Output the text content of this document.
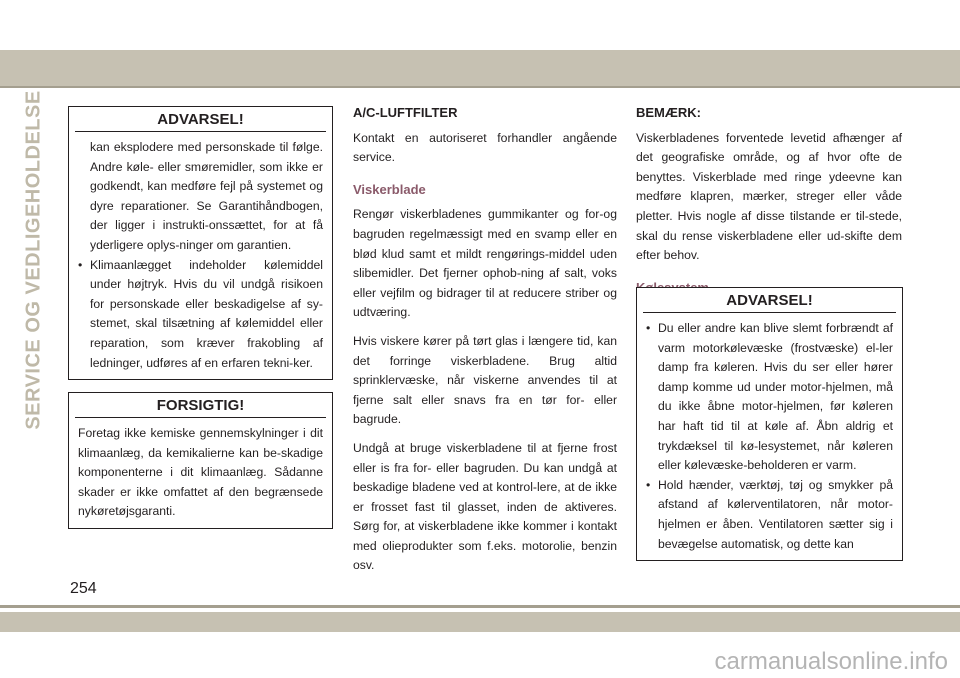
SERVICE OG VEDLIGEHOLDELSE	ADVARSEL!
kan eksplodere med personskade til følge. Andre køle- eller smøremidler, som ikke er godkendt, kan medføre fejl på systemet og dyre reparationer. Se Garantihåndbogen, der ligger i instrukti-onssættet, for at få yderligere oplys-ninger om garantien.
• Klimaanlægget indeholder kølemiddel under højtryk. Hvis du vil undgå risikoen for personskade eller beskadigelse af sy-stemet, skal tilsætning af kølemiddel eller reparation, som kræver frakobling af ledninger, udføres af en erfaren tekni-ker.
FORSIGTIG!
Foretag ikke kemiske gennemskylninger i dit klimaanlæg, da kemikalierne kan be-skadige komponenterne i dit klimaanlæg. Sådanne skader er ikke omfattet af den begrænsede nykøretøjsgaranti.
A/C-LUFTFILTER
Kontakt en autoriseret forhandler angående service.
Viskerblade
Rengør viskerbladenes gummikanter og for-og bagruden regelmæssigt med en svamp eller en blød klud samt et mildt rengørings-middel uden slibemidler. Det fjerner ophob-ning af salt, voks eller vejfilm og bidrager til at reducere striber og udtværing.
Hvis viskere kører på tørt glas i længere tid, kan det forringe viskerbladene. Brug altid sprinklervæske, når viskerne anvendes til at fjerne salt eller snavs fra en tør for- eller bagrude.
Undgå at bruge viskerbladene til at fjerne frost eller is fra for- eller bagruden. Du kan undgå at beskadige bladene ved at kontrol-lere, at de ikke er frosset fast til glasset, inden de aktiveres. Sørg for, at viskerbladene ikke kommer i kontakt med olieprodukter som f.eks. motorolie, benzin osv.
BEMÆRK:
Viskerbladenes forventede levetid afhænger af det geografiske område, og af hvor ofte de benyttes. Viskerblade med ringe ydeevne kan medføre klapren, mærker, streger eller våde pletter. Hvis nogle af disse tilstande er til-stede, skal du rense viskerbladene eller ud-skifte dem efter behov.
ADVARSEL!
• Du eller andre kan blive slemt forbrændt af varm motorkølevæske (frostvæske) el-ler damp fra køleren. Hvis du ser eller hører damp komme ud under motor-hjelmen, må du ikke åbne motor-hjelmen, før køleren har haft tid til at køle af. Åbn aldrig et trykdæksel til kø-lesystemet, når køleren eller kølevæske-beholderen er varm.
• Hold hænder, værktøj, tøj og smykker på afstand af kølerventilatoren, når motor-hjelmen er åben. Ventilatoren sætter sig i bevægelse automatisk, og dette kan
254
carmanualsonline.info
